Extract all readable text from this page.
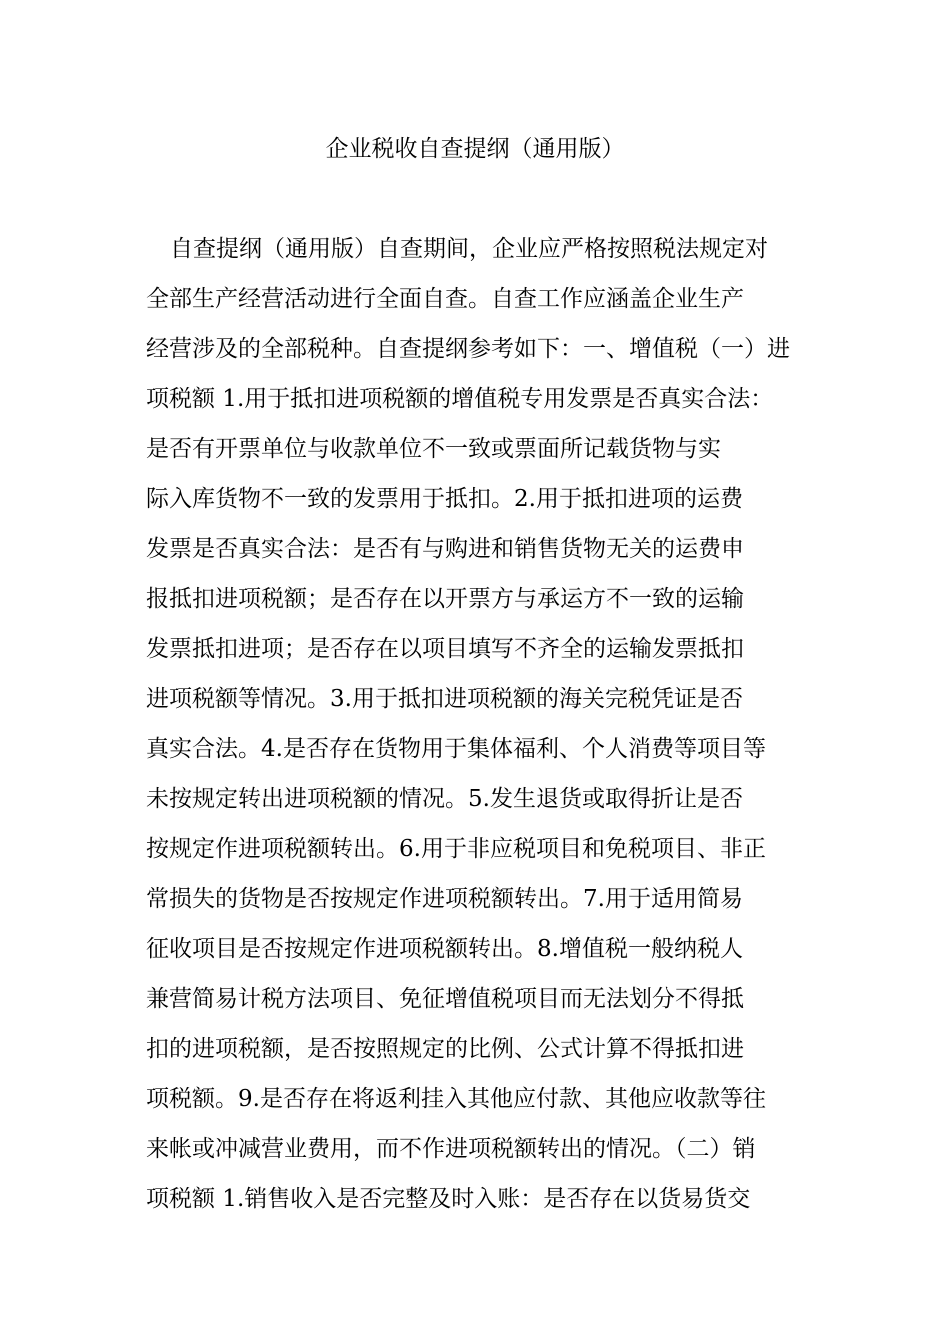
企业税收自查提纲（通用版）
自查提纲（通用版）自查期间，企业应严格按照税法规定对
全部生产经营活动进行全面自查。自查工作应涵盖企业生产
经营涉及的全部税种。自查提纲参考如下：一、增值税（一）进
项税额 1.用于抵扣进项税额的增值税专用发票是否真实合法：
是否有开票单位与收款单位不一致或票面所记载货物与实
际入库货物不一致的发票用于抵扣。2.用于抵扣进项的运费
发票是否真实合法：是否有与购进和销售货物无关的运费申
报抵扣进项税额；是否存在以开票方与承运方不一致的运输
发票抵扣进项；是否存在以项目填写不齐全的运输发票抵扣
进项税额等情况。3.用于抵扣进项税额的海关完税凭证是否
真实合法。4.是否存在货物用于集体福利、个人消费等项目等
未按规定转出进项税额的情况。5.发生退货或取得折让是否
按规定作进项税额转出。6.用于非应税项目和免税项目、非正
常损失的货物是否按规定作进项税额转出。7.用于适用简易
征收项目是否按规定作进项税额转出。8.增值税一般纳税人
兼营简易计税方法项目、免征增值税项目而无法划分不得抵
扣的进项税额，是否按照规定的比例、公式计算不得抵扣进
项税额。9.是否存在将返利挂入其他应付款、其他应收款等往
来帐或冲减营业费用，而不作进项税额转出的情况。（二）销
项税额 1.销售收入是否完整及时入账：是否存在以货易货交
